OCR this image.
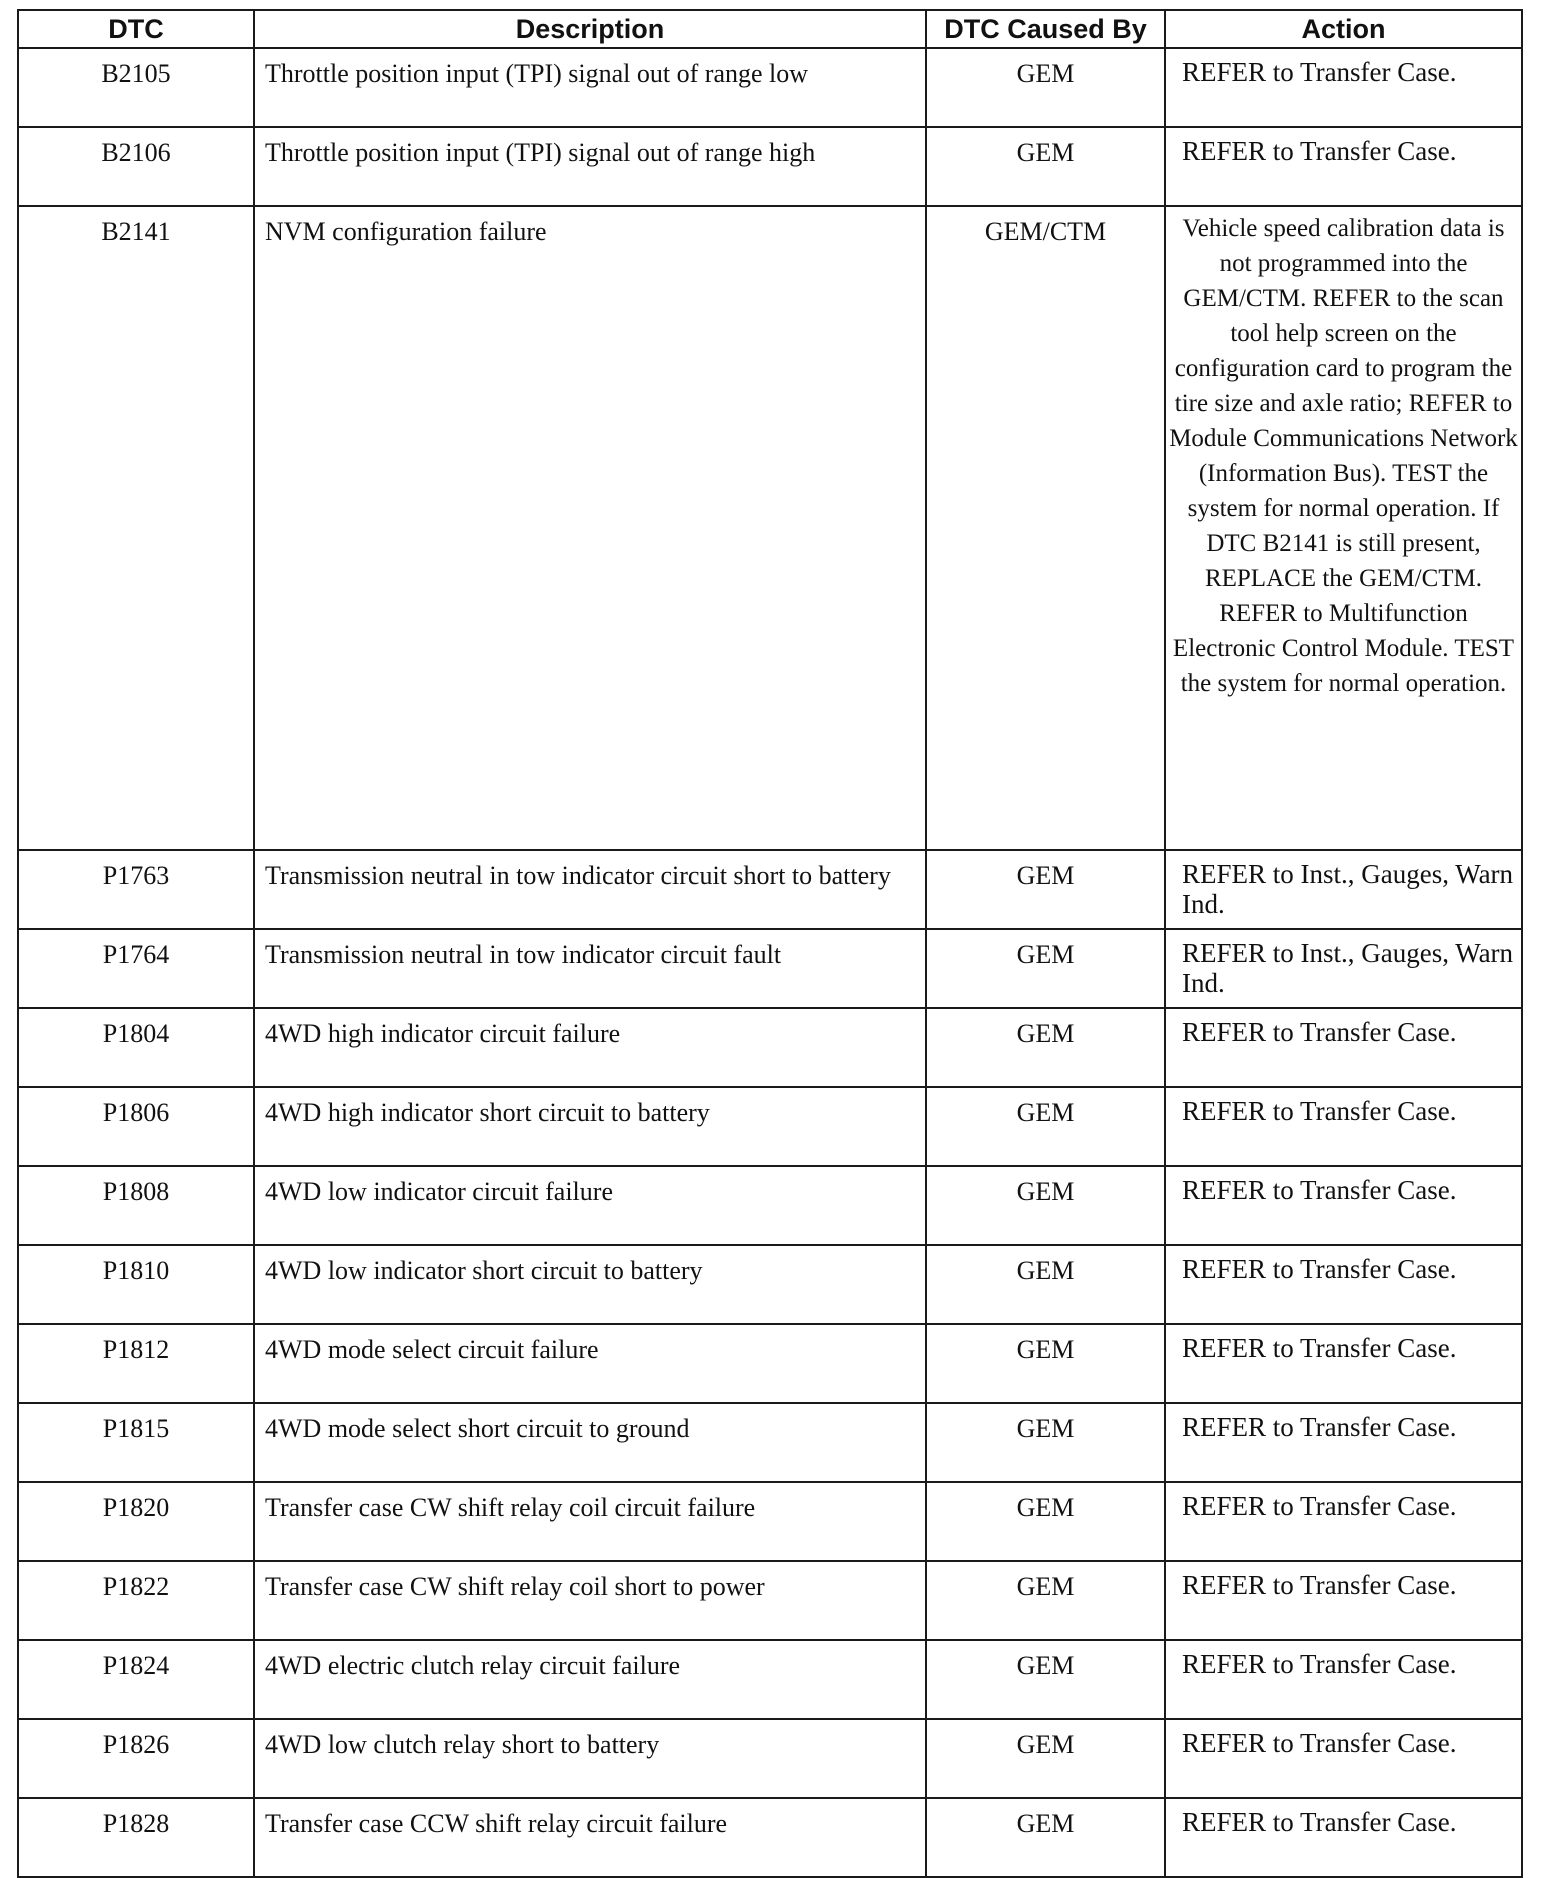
DTC	Description	DTC Caused By	Action
B2105	Throttle position input (TPI) signal out of range low	GEM	REFER to Transfer Case.
B2106	Throttle position input (TPI) signal out of range high	GEM	REFER to Transfer Case.
B2141	NVM configuration failure	GEM/CTM	Vehicle speed calibration data is not programmed into the GEM/CTM. REFER to the scan tool help screen on the configuration card to program the tire size and axle ratio; REFER to Module Communications Network (Information Bus). TEST the system for normal operation. If DTC B2141 is still present, REPLACE the GEM/CTM. REFER to Multifunction Electronic Control Module. TEST the system for normal operation.
P1763	Transmission neutral in tow indicator circuit short to battery	GEM	REFER to Inst., Gauges, Warn Ind.
P1764	Transmission neutral in tow indicator circuit fault	GEM	REFER to Inst., Gauges, Warn Ind.
P1804	4WD high indicator circuit failure	GEM	REFER to Transfer Case.
P1806	4WD high indicator short circuit to battery	GEM	REFER to Transfer Case.
P1808	4WD low indicator circuit failure	GEM	REFER to Transfer Case.
P1810	4WD low indicator short circuit to battery	GEM	REFER to Transfer Case.
P1812	4WD mode select circuit failure	GEM	REFER to Transfer Case.
P1815	4WD mode select short circuit to ground	GEM	REFER to Transfer Case.
P1820	Transfer case CW shift relay coil circuit failure	GEM	REFER to Transfer Case.
P1822	Transfer case CW shift relay coil short to power	GEM	REFER to Transfer Case.
P1824	4WD electric clutch relay circuit failure	GEM	REFER to Transfer Case.
P1826	4WD low clutch relay short to battery	GEM	REFER to Transfer Case.
P1828	Transfer case CCW shift relay circuit failure	GEM	REFER to Transfer Case.
